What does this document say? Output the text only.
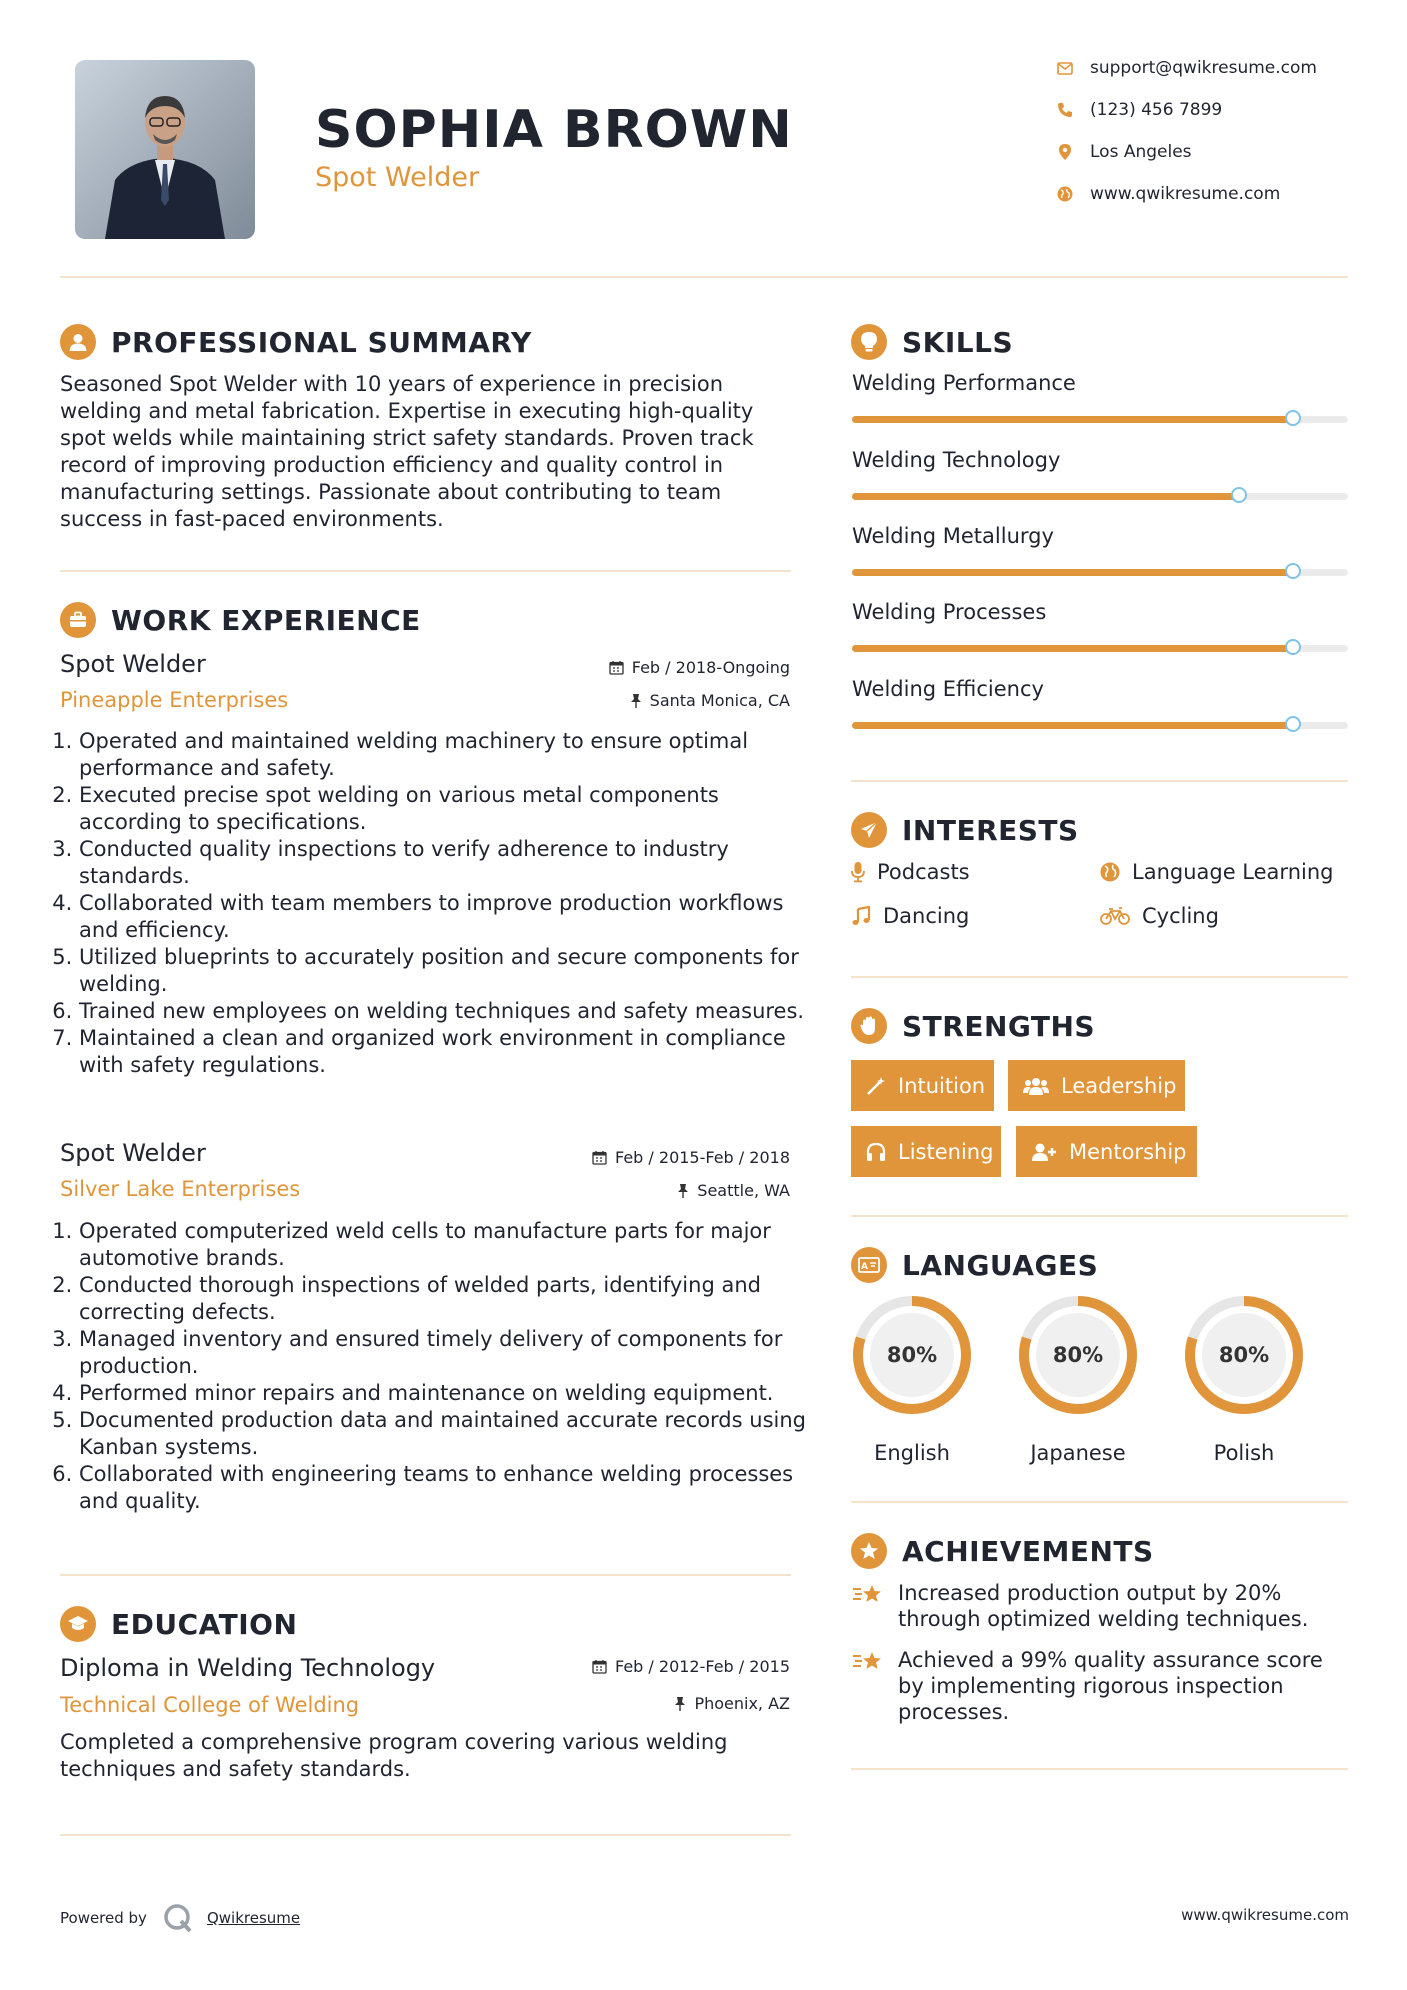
SOPHIA BROWN
Spot Welder
support@qwikresume.com
(123) 456 7899
Los Angeles
www.qwikresume.com
PROFESSIONAL SUMMARY
Seasoned Spot Welder with 10 years of experience in precision
welding and metal fabrication. Expertise in executing high-quality
spot welds while maintaining strict safety standards. Proven track
record of improving production efficiency and quality control in
manufacturing settings. Passionate about contributing to team
success in fast-paced environments.
WORK EXPERIENCE
Spot Welder
Pineapple Enterprises
Feb / 2018-Ongoing
Santa Monica, CA
1. Operated and maintained welding machinery to ensure optimal performance and safety.
2. Executed precise spot welding on various metal components according to specifications.
3. Conducted quality inspections to verify adherence to industry standards.
4. Collaborated with team members to improve production workflows and efficiency.
5. Utilized blueprints to accurately position and secure components for welding.
6. Trained new employees on welding techniques and safety measures.
7. Maintained a clean and organized work environment in compliance with safety regulations.
Spot Welder
Silver Lake Enterprises
Feb / 2015-Feb / 2018
Seattle, WA
1. Operated computerized weld cells to manufacture parts for major automotive brands.
2. Conducted thorough inspections of welded parts, identifying and correcting defects.
3. Managed inventory and ensured timely delivery of components for production.
4. Performed minor repairs and maintenance on welding equipment.
5. Documented production data and maintained accurate records using Kanban systems.
6. Collaborated with engineering teams to enhance welding processes and quality.
EDUCATION
Diploma in Welding Technology
Technical College of Welding
Feb / 2012-Feb / 2015
Phoenix, AZ
Completed a comprehensive program covering various welding
techniques and safety standards.
SKILLS
Welding Performance
Welding Technology
Welding Metallurgy
Welding Processes
Welding Efficiency
INTERESTS
Podcasts	Language Learning
Dancing	Cycling
STRENGTHS
Intuition	Leadership
Listening	Mentorship
A LANGUAGES
80%
English
80%
Japanese
80%
Polish
ACHIEVEMENTS
Increased production output by 20%
through optimized welding techniques.
Achieved a 99% quality assurance score
by implementing rigorous inspection
processes.
Powered by	Qwikresume	www.qwikresume.com
